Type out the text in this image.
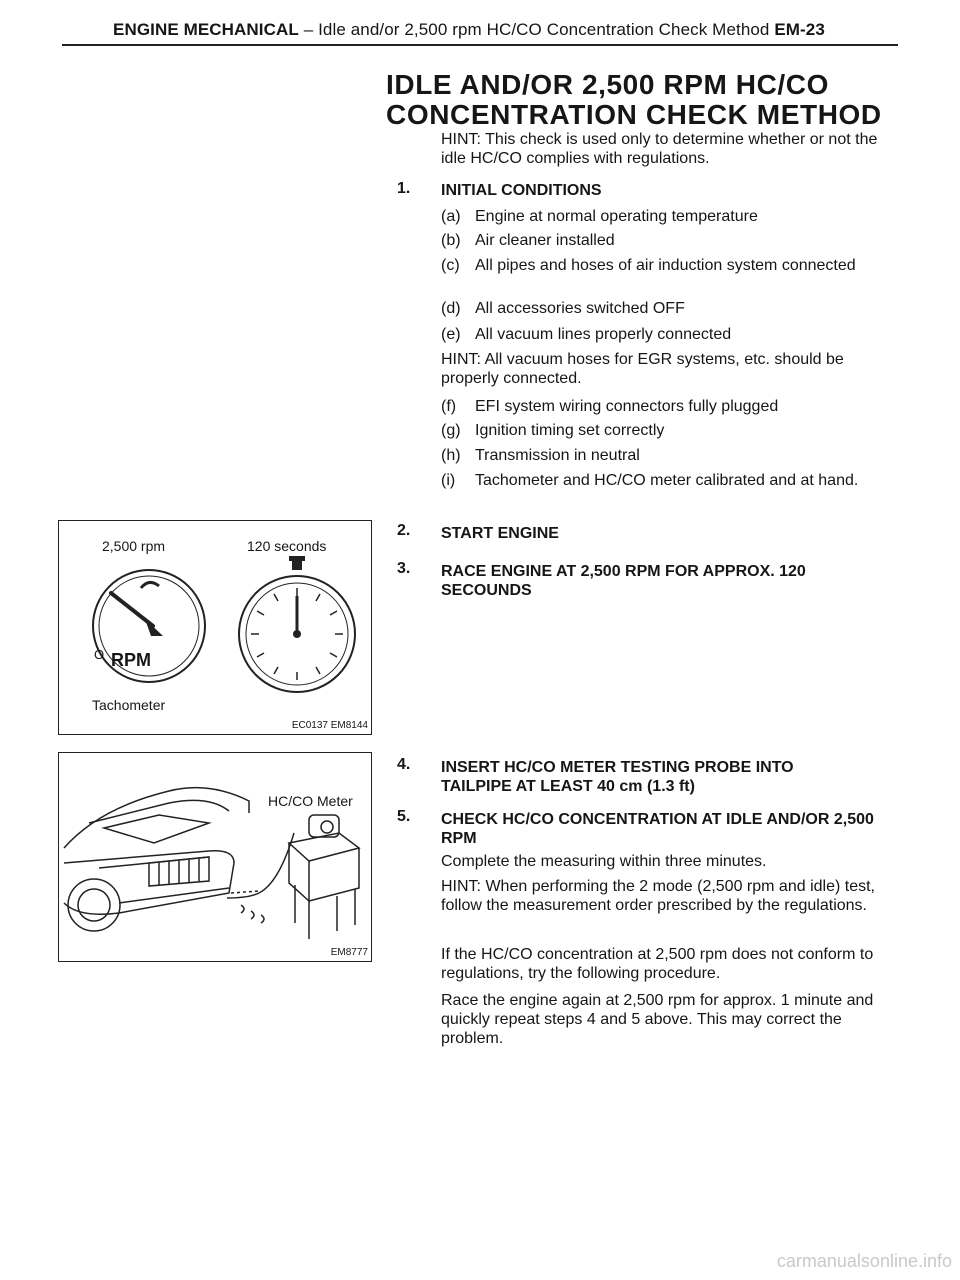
ENGINE MECHANICAL – Idle and/or 2,500 rpm HC/CO Concentration Check Method EM-23
IDLE AND/OR 2,500 RPM HC/CO
CONCENTRATION CHECK METHOD
HINT: This check is used only to determine whether or not the idle HC/CO complies with regulations.
1. INITIAL CONDITIONS
(a) Engine at normal operating temperature
(b) Air cleaner installed
(c) All pipes and hoses of air induction system connected
(d) All accessories switched OFF
(e) All vacuum lines properly connected
HINT: All vacuum hoses for EGR systems, etc. should be properly connected.
(f) EFI system wiring connectors fully plugged
(g) Ignition timing set correctly
(h) Transmission in neutral
(i) Tachometer and HC/CO meter calibrated and at hand.
2. START ENGINE
3. RACE ENGINE AT 2,500 RPM FOR APPROX. 120 SECOUNDS
4. INSERT HC/CO METER TESTING PROBE INTO TAILPIPE AT LEAST 40 cm (1.3 ft)
5. CHECK HC/CO CONCENTRATION AT IDLE AND/OR 2,500 RPM
Complete the measuring within three minutes.
HINT: When performing the 2 mode (2,500 rpm and idle) test, follow the measurement order prescribed by the regulations.
If the HC/CO concentration at 2,500 rpm does not conform to regulations, try the following procedure.
Race the engine again at 2,500 rpm for approx. 1 minute and quickly repeat steps 4 and 5 above. This may correct the problem.
2,500 rpm	120 seconds
O RPM
Tachometer
EC0137 EM8144
HC/CO Meter
EM8777
carmanualsonline.info
